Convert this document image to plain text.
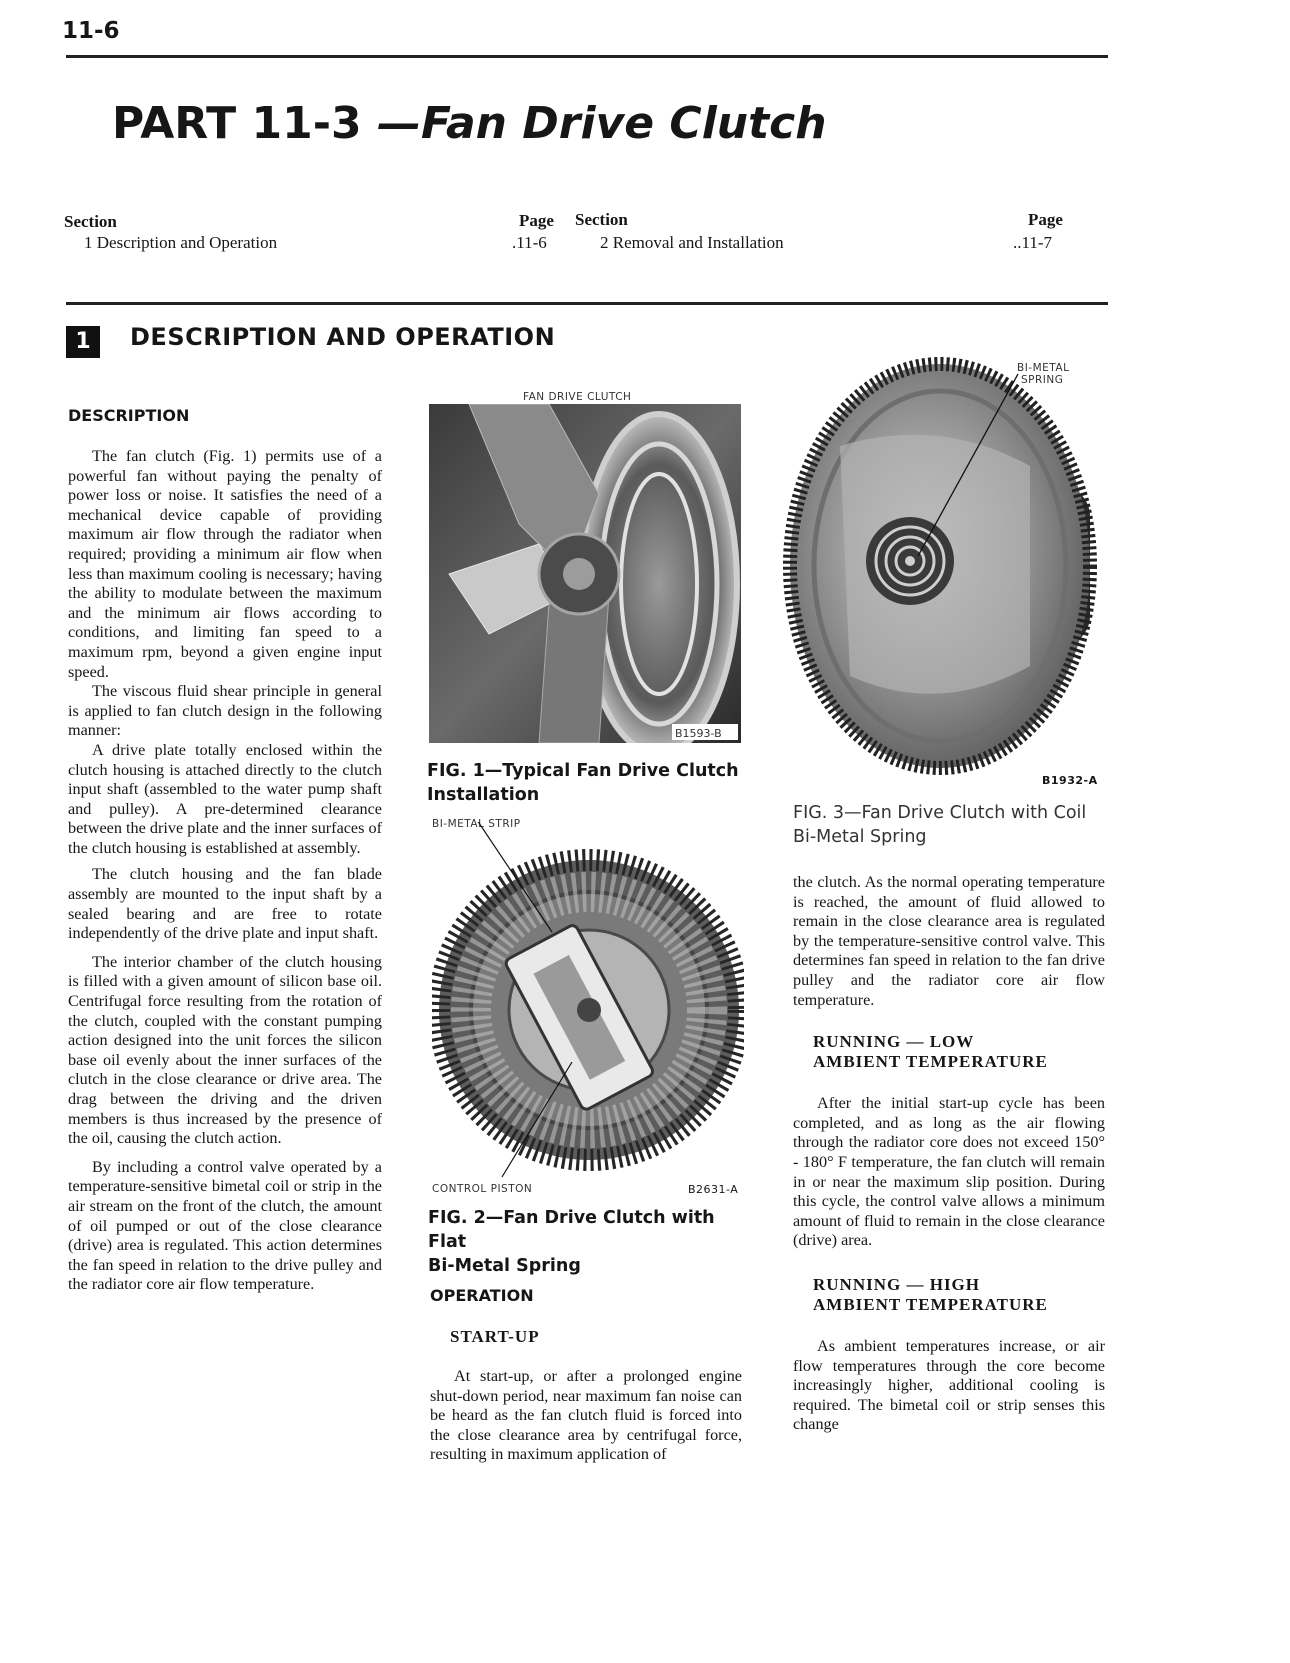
11-6
PART 11-3 —Fan Drive Clutch
Section
1 Description and Operation
Page
.11-6
Section
2 Removal and Installation
Page
..11-7
1	DESCRIPTION AND OPERATION
DESCRIPTION

The fan clutch (Fig. 1) permits use of a powerful fan without paying the penalty of power loss or noise. It satisfies the need of a mechanical device capable of providing maximum air flow through the radiator when required; providing a minimum air flow when less than maximum cooling is necessary; having the ability to modulate between the maximum and the minimum air flows according to conditions, and limiting fan speed to a maximum rpm, beyond a given engine input speed.

The viscous fluid shear principle in general is applied to fan clutch design in the following manner:

A drive plate totally enclosed within the clutch housing is attached directly to the clutch input shaft (assembled to the water pump shaft and pulley). A pre-determined clearance between the drive plate and the inner surfaces of the clutch housing is established at assembly.

The clutch housing and the fan blade assembly are mounted to the input shaft by a sealed bearing and are free to rotate independently of the drive plate and input shaft.

The interior chamber of the clutch housing is filled with a given amount of silicon base oil. Centrifugal force resulting from the rotation of the clutch, coupled with the constant pumping action designed into the unit forces the silicon base oil evenly about the inner surfaces of the clutch in the close clearance or drive area. The drag between the driving and the driven members is thus increased by the presence of the oil, causing the clutch action.

By including a control valve operated by a temperature-sensitive bimetal coil or strip in the air stream on the front of the clutch, the amount of oil pumped or out of the close clearance (drive) area is regulated. This action determines the fan speed in relation to the drive pulley and the radiator core air flow temperature.

FAN DRIVE CLUTCH
B1593-B
FIG. 1—Typical Fan Drive Clutch
Installation
BI-METAL STRIP
CONTROL PISTON	B2631-A
FIG. 2—Fan Drive Clutch with Flat
Bi-Metal Spring
OPERATION
START-UP

At start-up, or after a prolonged engine shut-down period, near maximum fan noise can be heard as the fan clutch fluid is forced into the close clearance area by centrifugal force, resulting in maximum application of

BI-METAL
SPRING
B1932-A
FIG. 3—Fan Drive Clutch with Coil
Bi-Metal Spring

the clutch. As the normal operating temperature is reached, the amount of fluid allowed to remain in the close clearance area is regulated by the temperature-sensitive control valve. This determines fan speed in relation to the fan drive pulley and the radiator core air flow temperature.

RUNNING — LOW
AMBIENT TEMPERATURE

After the initial start-up cycle has been completed, and as long as the air flowing through the radiator core does not exceed 150° - 180° F temperature, the fan clutch will remain in or near the maximum slip position. During this cycle, the control valve allows a minimum amount of fluid to remain in the close clearance (drive) area.

RUNNING — HIGH
AMBIENT TEMPERATURE

As ambient temperatures increase, or air flow temperatures through the core become increasingly higher, additional cooling is required. The bimetal coil or strip senses this change
